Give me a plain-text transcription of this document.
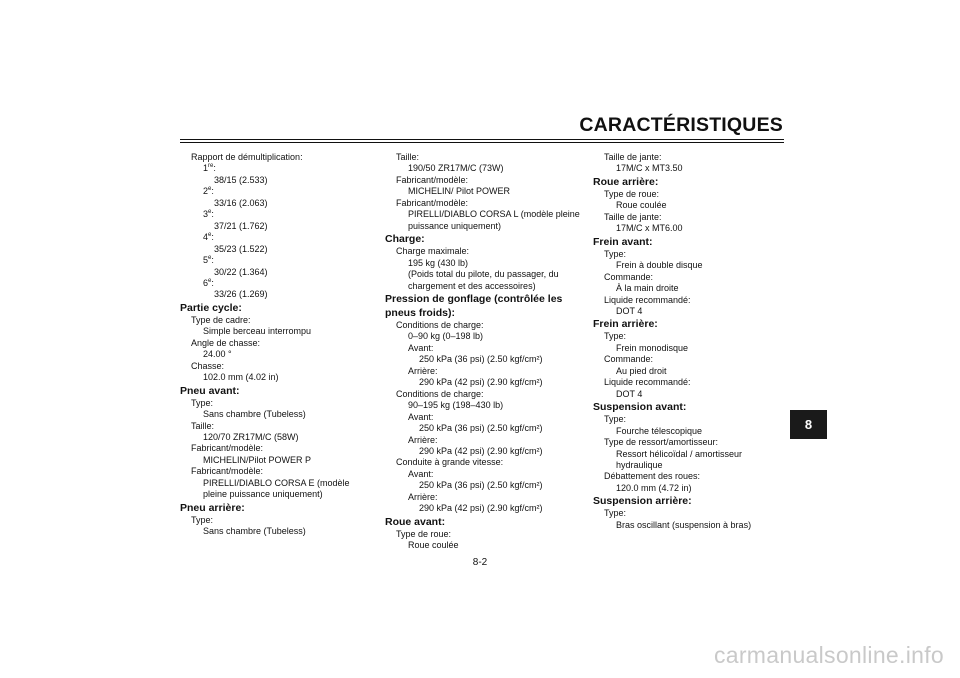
CARACTÉRISTIQUES
8
Rapport de démultiplication:
1re:
38/15 (2.533)
2e:
33/16 (2.063)
3e:
37/21 (1.762)
4e:
35/23 (1.522)
5e:
30/22 (1.364)
6e:
33/26 (1.269)
Partie cycle:
Type de cadre:
Simple berceau interrompu
Angle de chasse:
24.00 °
Chasse:
102.0 mm (4.02 in)
Pneu avant:
Type:
Sans chambre (Tubeless)
Taille:
120/70 ZR17M/C (58W)
Fabricant/modèle:
MICHELIN/Pilot POWER P
Fabricant/modèle:
PIRELLI/DIABLO CORSA E (modèle
pleine puissance uniquement)
Pneu arrière:
Type:
Sans chambre (Tubeless)
Taille:
190/50 ZR17M/C (73W)
Fabricant/modèle:
MICHELIN/ Pilot POWER
Fabricant/modèle:
PIRELLI/DIABLO CORSA L (modèle pleine
puissance uniquement)
Charge:
Charge maximale:
195 kg (430 lb)
(Poids total du pilote, du passager, du
chargement et des accessoires)
Pression de gonflage (contrôlée les
pneus froids):
Conditions de charge:
0–90 kg (0–198 lb)
Avant:
250 kPa (36 psi) (2.50 kgf/cm²)
Arrière:
290 kPa (42 psi) (2.90 kgf/cm²)
Conditions de charge:
90–195 kg (198–430 lb)
Avant:
250 kPa (36 psi) (2.50 kgf/cm²)
Arrière:
290 kPa (42 psi) (2.90 kgf/cm²)
Conduite à grande vitesse:
Avant:
250 kPa (36 psi) (2.50 kgf/cm²)
Arrière:
290 kPa (42 psi) (2.90 kgf/cm²)
Roue avant:
Type de roue:
Roue coulée
Taille de jante:
17M/C x MT3.50
Roue arrière:
Type de roue:
Roue coulée
Taille de jante:
17M/C x MT6.00
Frein avant:
Type:
Frein à double disque
Commande:
À la main droite
Liquide recommandé:
DOT 4
Frein arrière:
Type:
Frein monodisque
Commande:
Au pied droit
Liquide recommandé:
DOT 4
Suspension avant:
Type:
Fourche télescopique
Type de ressort/amortisseur:
Ressort hélicoïdal / amortisseur
hydraulique
Débattement des roues:
120.0 mm (4.72 in)
Suspension arrière:
Type:
Bras oscillant (suspension à bras)
8-2
carmanualsonline.info
